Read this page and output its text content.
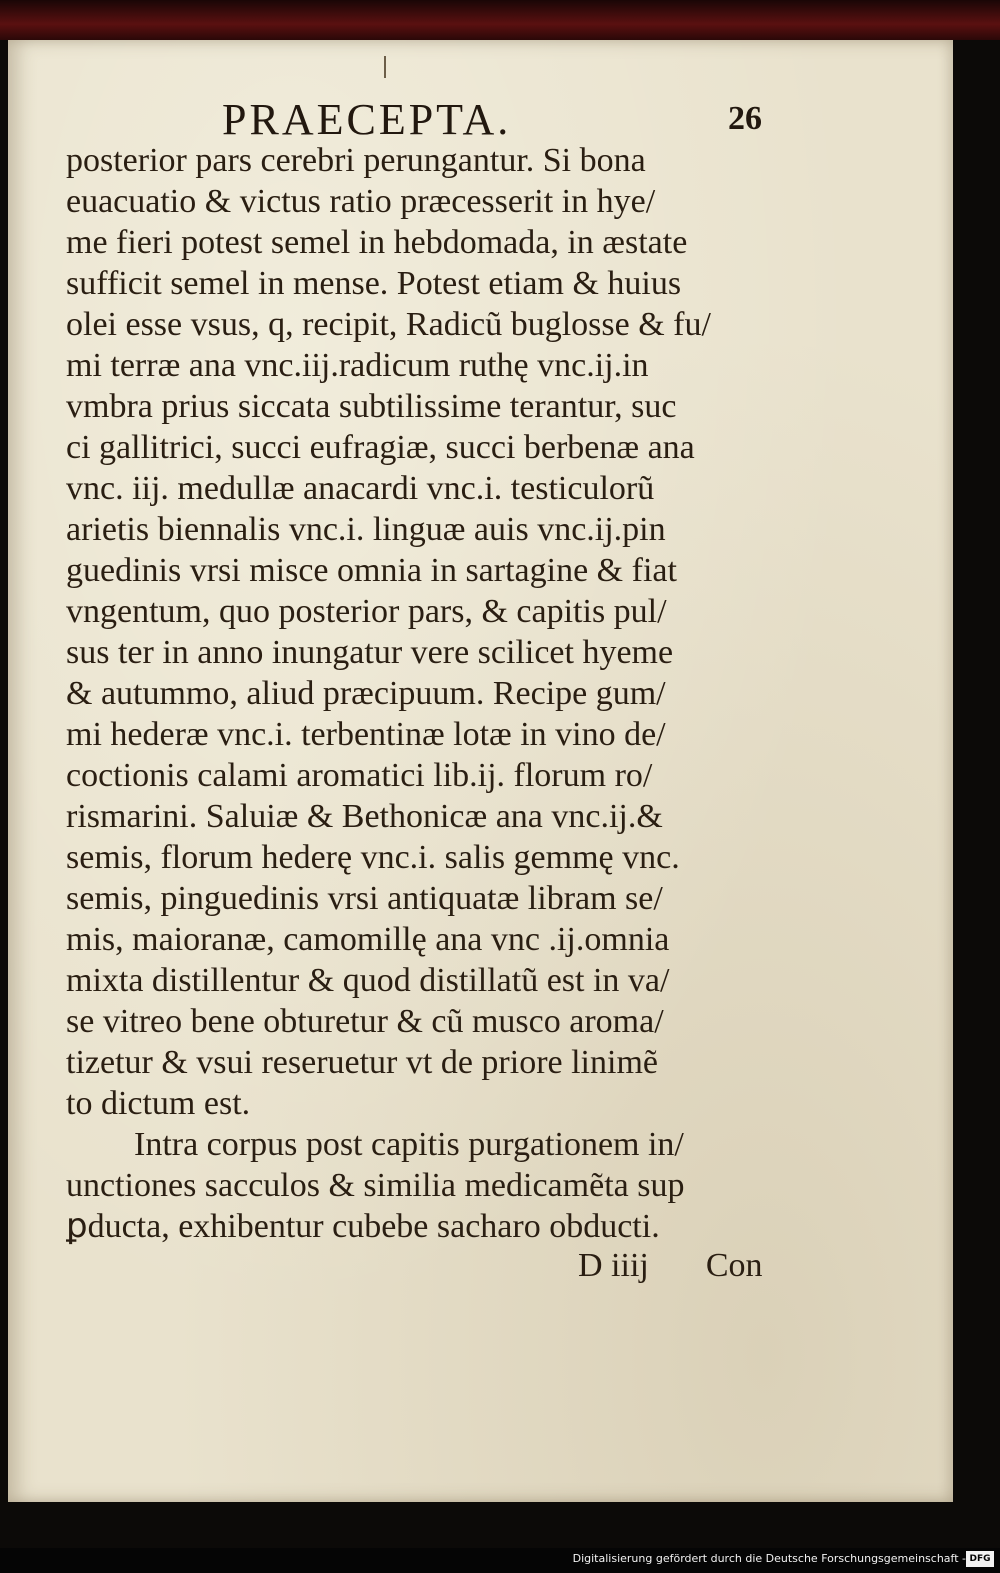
PRAECEPTA.	26
posterior pars cerebri perungantur. Si bona
euacuatio & victus ratio præcesserit in hye/
me fieri potest semel in hebdomada, in æstate
sufficit semel in mense. Potest etiam & huius
olei esse vsus, q, recipit, Radicũ buglosse & fu/
mi terræ ana vnc.iij.radicum ruthę vnc.ij.in
vmbra prius siccata subtilissime terantur, suc
ci gallitrici, succi eufragiæ, succi berbenæ ana
vnc. iij. medullæ anacardi vnc.i. testiculorũ
arietis biennalis vnc.i. linguæ auis vnc.ij.pin
guedinis vrsi misce omnia in sartagine & fiat
vngentum, quo posterior pars, & capitis pul/
sus ter in anno inungatur vere scilicet hyeme
& autummo, aliud præcipuum. Recipe gum/
mi hederæ vnc.i. terbentinæ lotæ in vino de/
coctionis calami aromatici lib.ij. florum ro/
rismarini. Saluiæ & Bethonicæ ana vnc.ij.&
semis, florum hederę vnc.i. salis gemmę vnc.
semis, pinguedinis vrsi antiquatæ libram se/
mis, maioranæ, camomillę ana vnc .ij.omnia
mixta distillentur & quod distillatũ est in va/
se vitreo bene obturetur & cũ musco aroma/
tizetur & vsui reseruetur vt de priore linimẽ
to dictum est.
Intra corpus post capitis purgationem in/
unctiones sacculos & similia medicamẽta sup
ꝑducta, exhibentur cubebe sacharo obducti.
D iiij Con
Digitalisierung gefördert durch die Deutsche Forschungsgemeinschaft - DFG
